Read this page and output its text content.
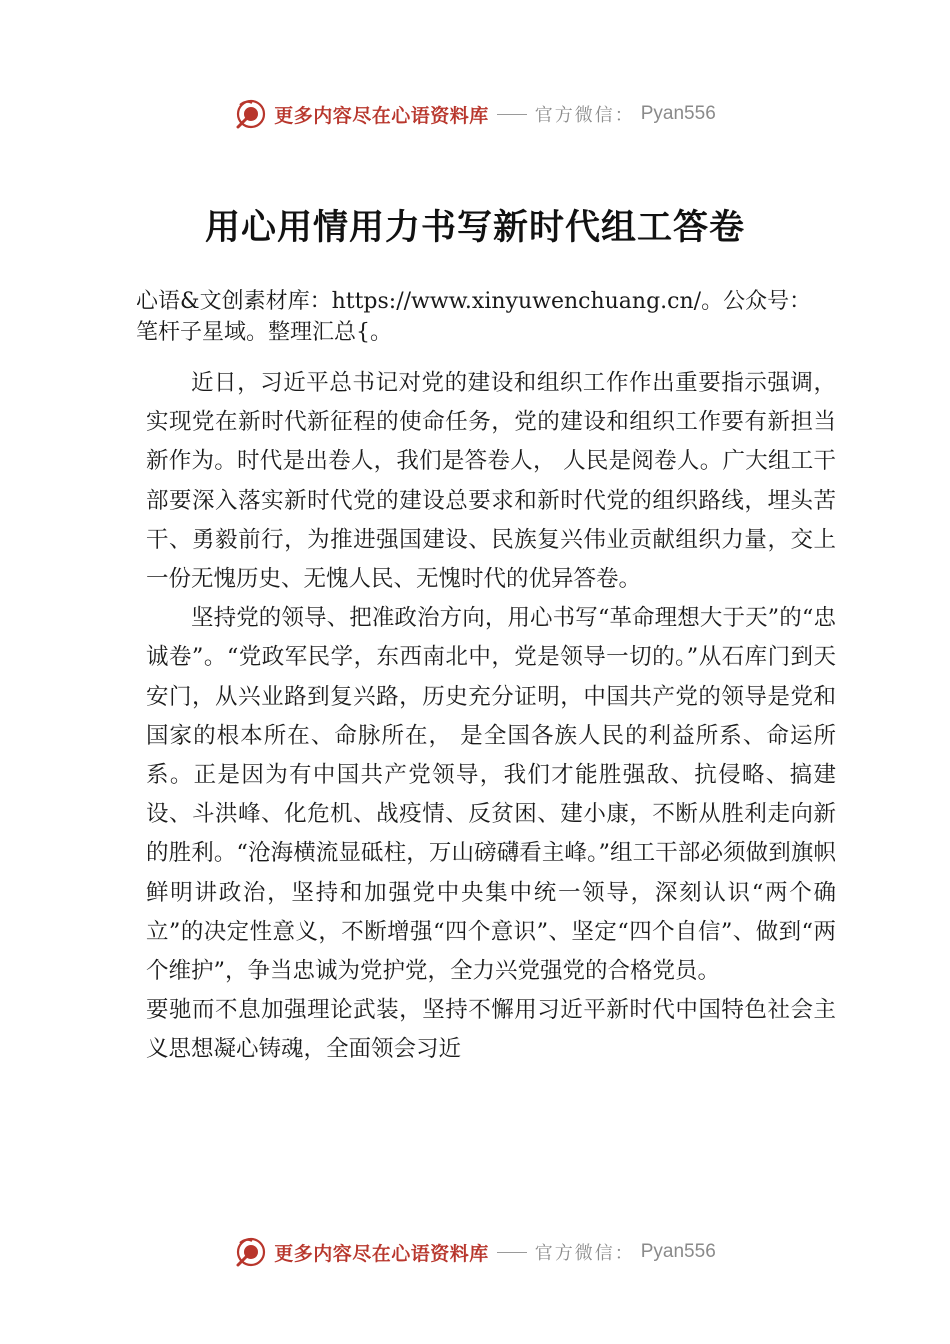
更多内容尽在心语资料库	官方微信： Pyan556
用心用情用力书写新时代组工答卷
心语&文创素材库：https://www.xinyuwenchuang.cn/。公众号：笔杆子星域。整理汇总{。

近日，习近平总书记对党的建设和组织工作作出重要指示强调，实现党在新时代新征程的使命任务，党的建设和组织工作要有新担当新作为。时代是出卷人，我们是答卷人， 人民是阅卷人。广大组工干部要深入落实新时代党的建设总要求和新时代党的组织路线，埋头苦干、勇毅前行，为推进强国建设、民族复兴伟业贡献组织力量，交上一份无愧历史、无愧人民、无愧时代的优异答卷。

坚持党的领导、把准政治方向，用心书写“革命理想大于天”的“忠诚卷”。“党政军民学，东西南北中，党是领导一切的。”从石库门到天安门，从兴业路到复兴路，历史充分证明，中国共产党的领导是党和国家的根本所在、命脉所在， 是全国各族人民的利益所系、命运所系。正是因为有中国共产党领导，我们才能胜强敌、抗侵略、搞建设、斗洪峰、化危机、战疫情、反贫困、建小康，不断从胜利走向新的胜利。“沧海横流显砥柱，万山磅礴看主峰。”组工干部必须做到旗帜鲜明讲政治，坚持和加强党中央集中统一领导，深刻认识“两个确立”的决定性意义，不断增强“四个意识”、坚定“四个自信”、做到“两个维护”，争当忠诚为党护党，全力兴党强党的合格党员。

要驰而不息加强理论武装，坚持不懈用习近平新时代中国特色社会主义思想凝心铸魂，全面领会习近

更多内容尽在心语资料库	官方微信： Pyan556
